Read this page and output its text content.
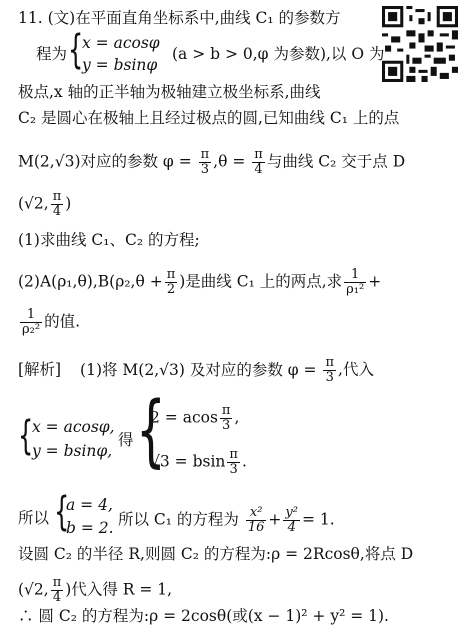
11. (文)在平面直角坐标系中,曲线 C₁ 的参数方
程为 {
x = acosφ
y = bsinφ
(a > b > 0,φ 为参数),以 O 为
极点,x 轴的正半轴为极轴建立极坐标系,曲线
C₂ 是圆心在极轴上且经过极点的圆,已知曲线 C₁ 上的点
M(2,√3)对应的参数 $\varphi = \frac{\pi}{3} ,\theta = \frac{\pi}{4}$ 与曲线 C₂ 交于点 D
(√2, $\frac{\pi}{4}$ )
(1)求曲线 C₁、C₂ 的方程;
$(2)A(\rho_1,\theta),B(\rho_2,\theta + \frac{\pi}{2}$ )是曲线 C₁ 上的两点,求 $\frac{1}{\text{ρ₁²}}$ +
$\frac{1}{\text{ρ₂²}}$ 的值.
[解析] (1)将 M(2,√3) 及对应的参数 $\varphi = \frac{\pi}{3}$ ,代入
{
x = acosφ,
y = bsinφ,
得 {
2 = acos $\frac{\pi}{3}$ ,
√3 = bsin $\frac{\pi}{3}$ .
所以 {
a = 4,
b = 2. 所以 C₁ 的方程为 $\frac{\text{x²}}{16} + \frac{\text{y²}}{4} = 1$.
设圆 C₂ 的半径 R,则圆 C₂ 的方程为:ρ = 2Rcosθ,将点 D
(√2, $\frac{\pi}{4}$ )代入得 R = 1,
∴ 圆 C₂ 的方程为:ρ = 2cosθ(或(x − 1)² + y² = 1).
